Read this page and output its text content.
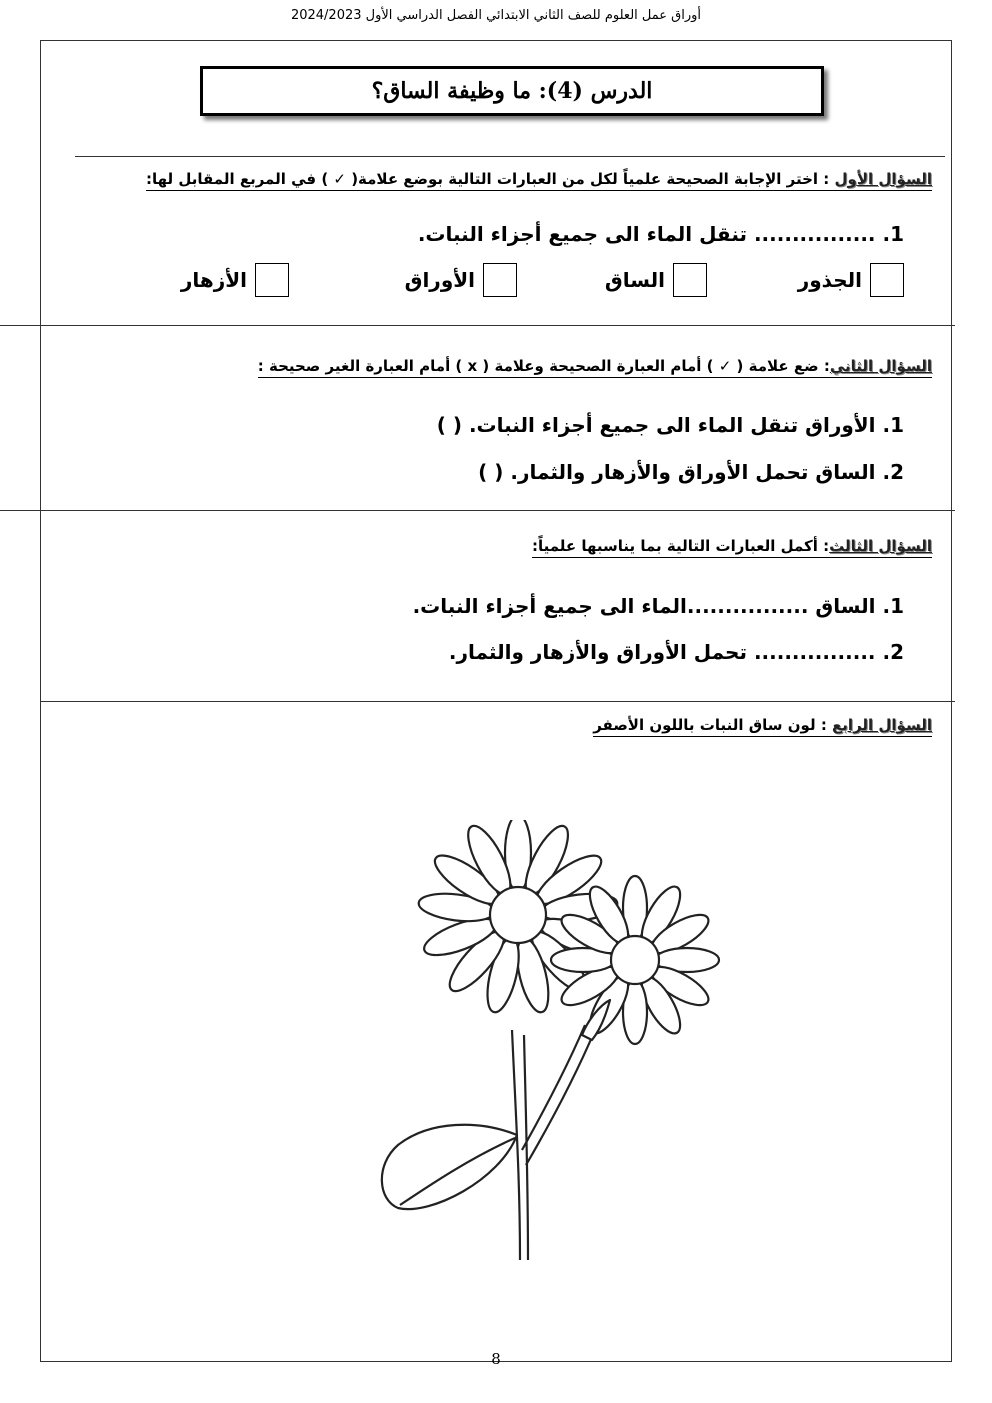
أوراق عمل العلوم للصف الثاني الابتدائي الفصل الدراسي الأول 2024/2023
الدرس (4): ما وظيفة الساق؟
السؤال الأول : اختر الإجابة الصحيحة علمياً لكل من العبارات التالية بوضع علامة( ✓ ) في المربع المقابل لها:
1. ................ تنقل الماء الى جميع أجزاء النبات.
الجذور
الساق
الأوراق
الأزهار
السؤال الثاني: ضع علامة ( ✓ ) أمام العبارة الصحيحة وعلامة ( x ) أمام العبارة الغير صحيحة :
1. الأوراق تنقل الماء الى جميع أجزاء النبات. ( )
2. الساق تحمل الأوراق والأزهار والثمار. ( )
السؤال الثالث: أكمل العبارات التالية بما يناسبها علمياً:
1. الساق ................الماء الى جميع أجزاء النبات.
2. ................ تحمل الأوراق والأزهار والثمار.
السؤال الرابع : لون ساق النبات باللون الأصفر
8
